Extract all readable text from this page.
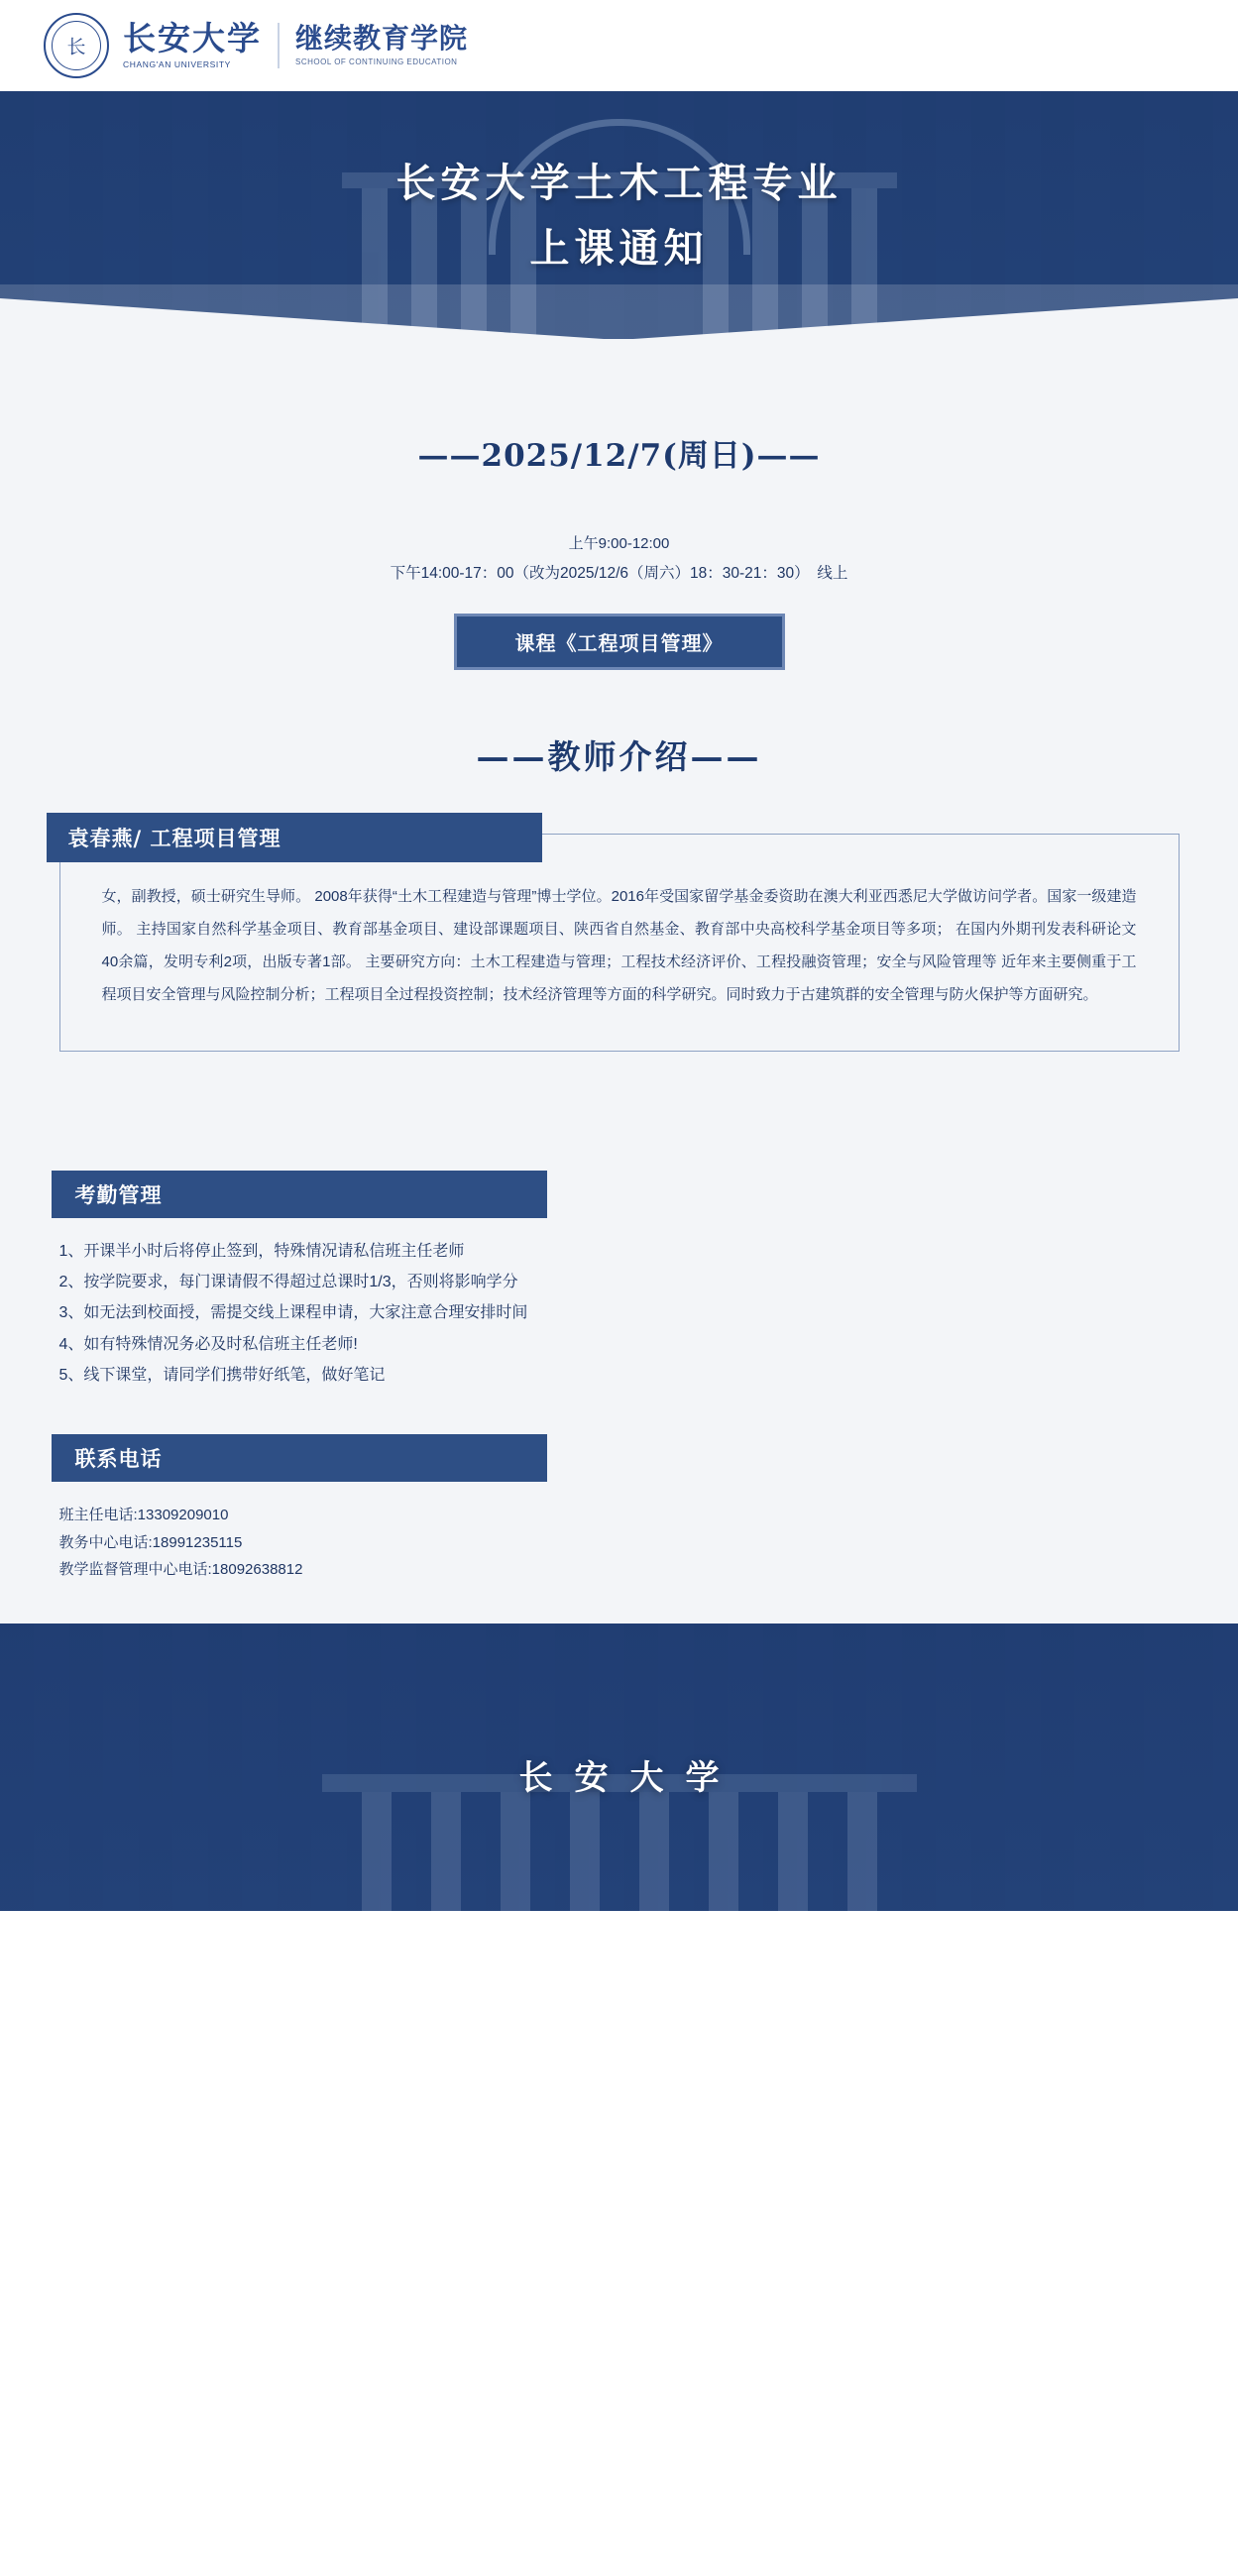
长 长安大学
CHANG'AN UNIVERSITY
继续教育学院
SCHOOL OF CONTINUING EDUCATION
长安大学土木工程专业
上课通知
——2025/12/7(周日)——
上午9:00-12:00
下午14:00-17：00（改为2025/12/6（周六）18：30-21：30）　线上
课程《工程项目管理》
——教师介绍——
袁春燕/ 工程项目管理
女，副教授，硕士研究生导师。 2008年获得“土木工程建造与管理”博士学位。2016年受国家留学基金委资助在澳大利亚西悉尼大学做访问学者。国家一级建造师。 主持国家自然科学基金项目、教育部基金项目、建设部课题项目、陕西省自然基金、教育部中央高校科学基金项目等多项； 在国内外期刊发表科研论文40余篇，发明专利2项，出版专著1部。 主要研究方向：土木工程建造与管理；工程技术经济评价、工程投融资管理；安全与风险管理等 近年来主要侧重于工程项目安全管理与风险控制分析；工程项目全过程投资控制；技术经济管理等方面的科学研究。同时致力于古建筑群的安全管理与防火保护等方面研究。
考勤管理
1、开课半小时后将停止签到，特殊情况请私信班主任老师
2、按学院要求，每门课请假不得超过总课时1/3，否则将影响学分
3、如无法到校面授，需提交线上课程申请，大家注意合理安排时间
4、如有特殊情况务必及时私信班主任老师!
5、线下课堂，请同学们携带好纸笔，做好笔记
联系电话
班主任电话:13309209010
教务中心电话:18991235115
教学监督管理中心电话:18092638812
长安大学
